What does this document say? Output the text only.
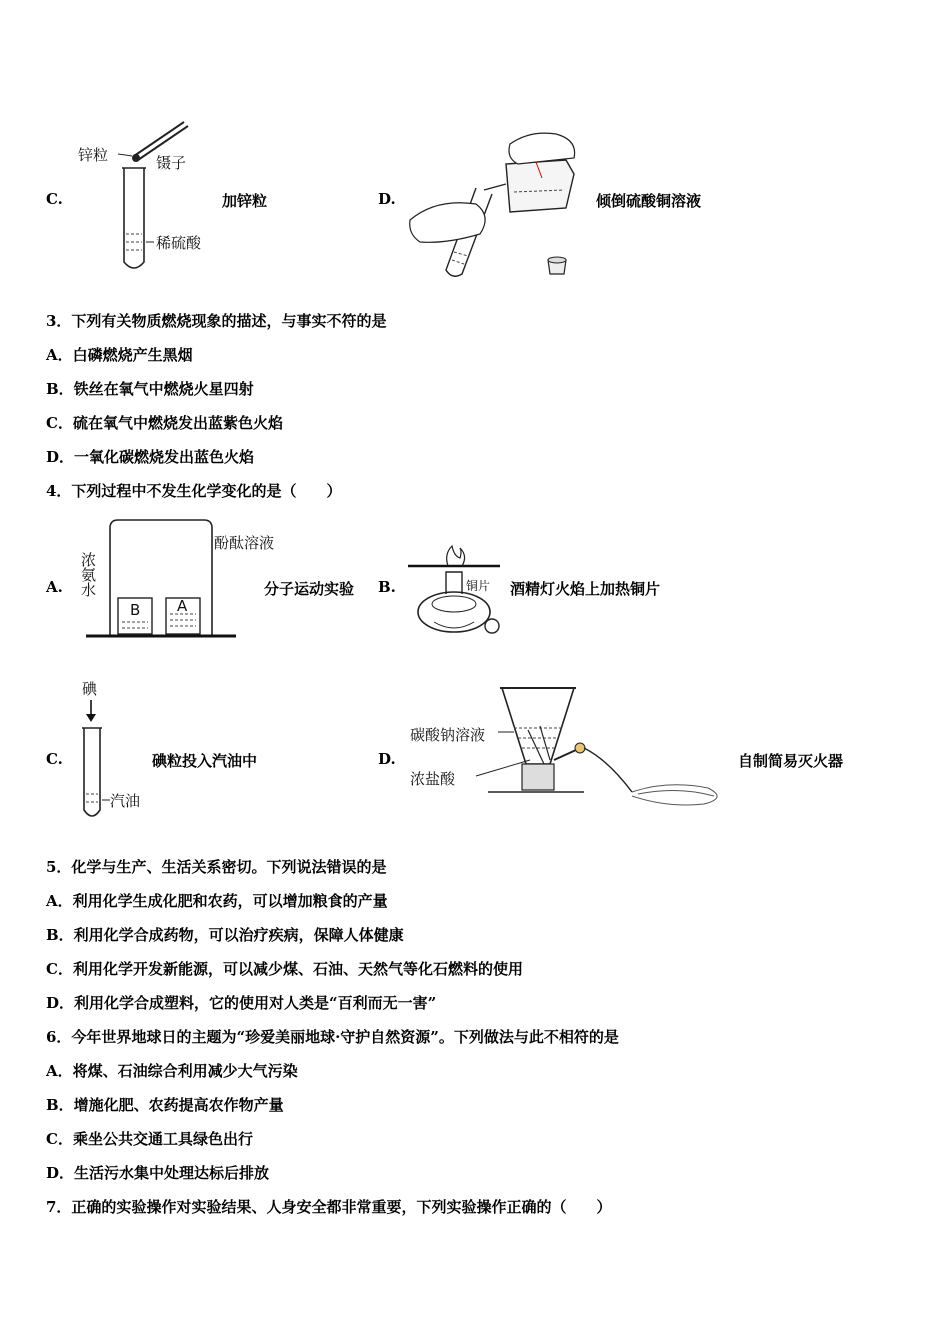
C.
锌粒	镊子
稀硫酸
加锌粒	D.	倾倒硫酸铜溶液
3．下列有关物质燃烧现象的描述，与事实不符的是
A．白磷燃烧产生黑烟
B．铁丝在氧气中燃烧火星四射
C．硫在氧气中燃烧发出蓝紫色火焰
D．一氧化碳燃烧发出蓝色火焰
4．下列过程中不发生化学变化的是（　　）
A.
B A
浓氨水
酚酞溶液
分子运动实验 B.	铜片 酒精灯火焰上加热铜片
C.
碘
汽油
碘粒投入汽油中	D.
碳酸钠溶液
浓盐酸
自制简易灭火器
5．化学与生产、生活关系密切。下列说法错误的是
A．利用化学生成化肥和农药，可以增加粮食的产量
B．利用化学合成药物，可以治疗疾病，保障人体健康
C．利用化学开发新能源，可以减少煤、石油、天然气等化石燃料的使用
D．利用化学合成塑料，它的使用对人类是“百利而无一害”
6．今年世界地球日的主题为“珍爱美丽地球·守护自然资源”。下列做法与此不相符的是
A．将煤、石油综合利用减少大气污染
B．增施化肥、农药提高农作物产量
C．乘坐公共交通工具绿色出行
D．生活污水集中处理达标后排放
7．正确的实验操作对实验结果、人身安全都非常重要，下列实验操作正确的（　　）
